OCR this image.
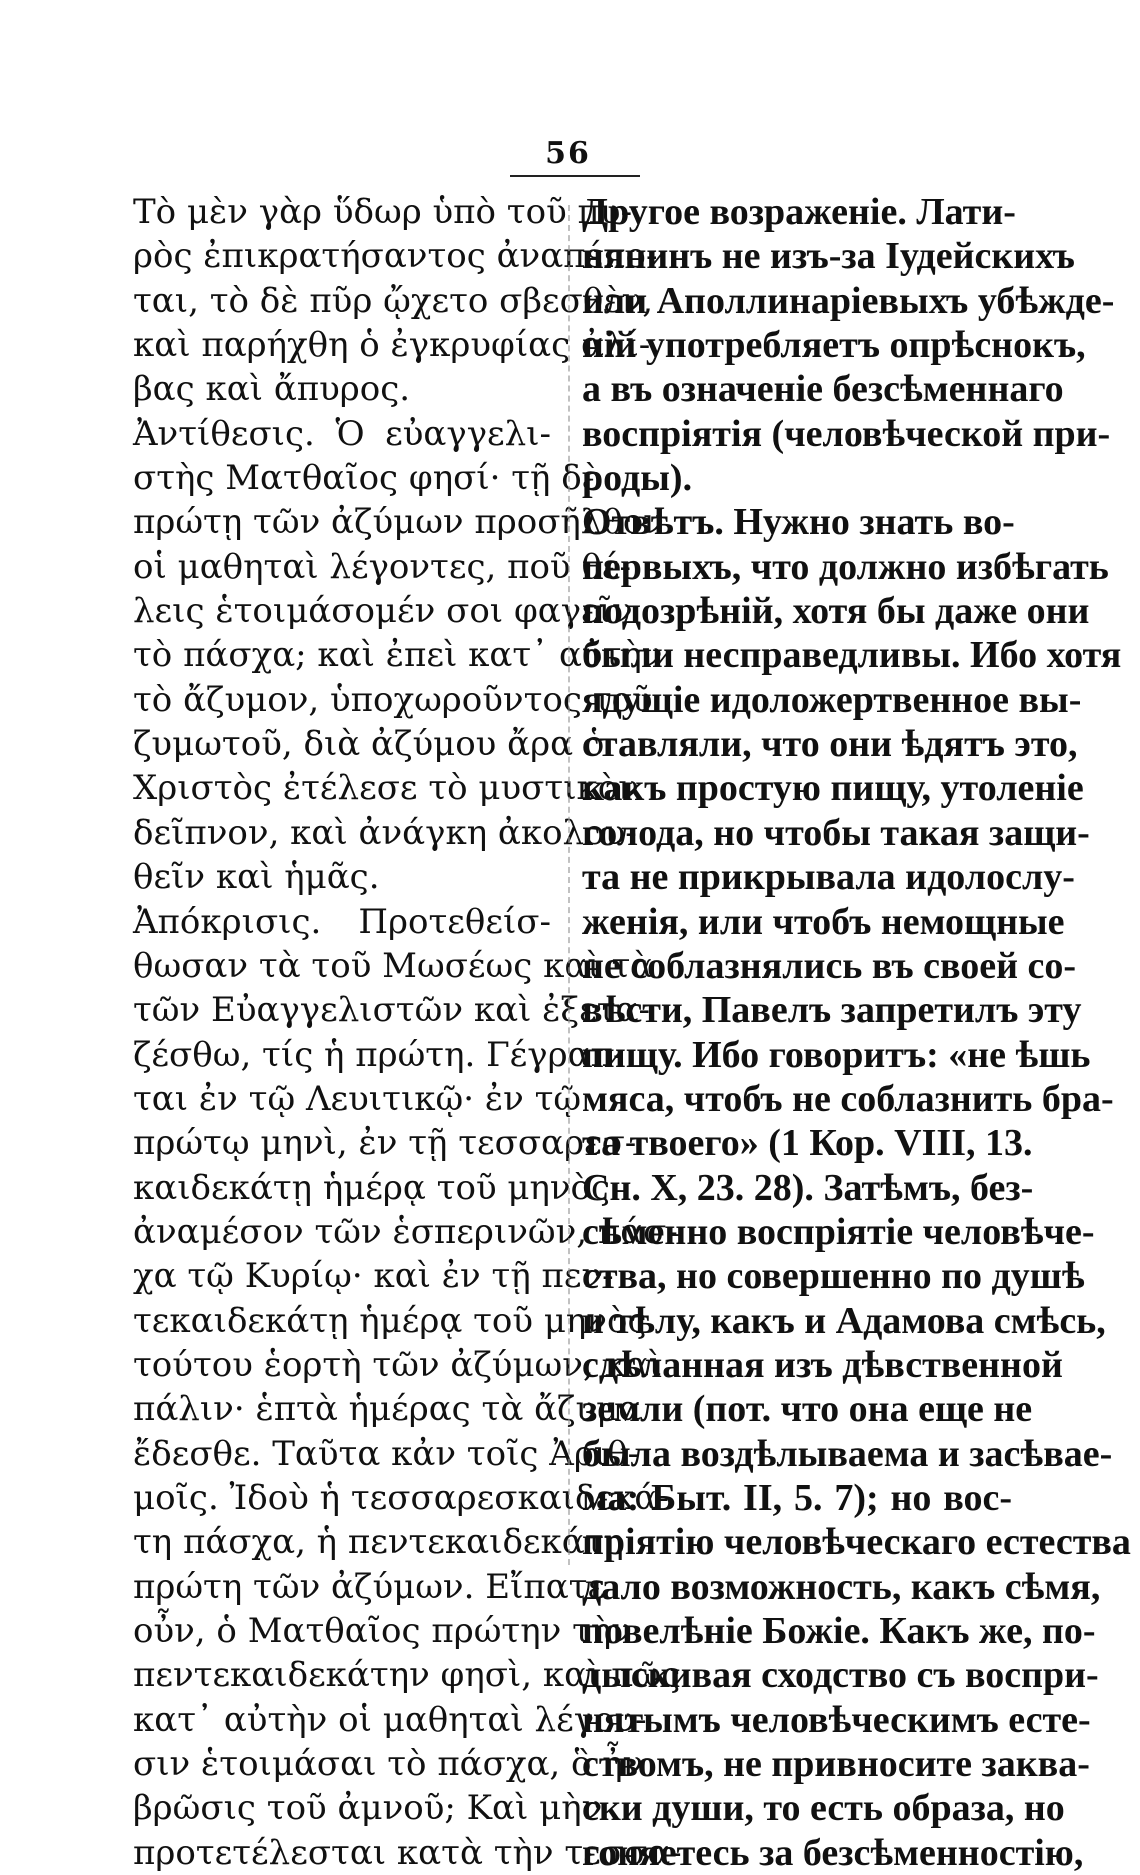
56
Τὸ μὲν γὰρ ὕδωρ ὑπὸ τοῦ πυ-
ρὸς ἐπικρατήσαντος ἀναπέπο-
ται, τὸ δὲ πῦρ ᾤχετο σβεσθὲν,
καὶ παρήχθη ὁ ἐγκρυφίας ἀλί-
βας καὶ ἄπυρος.
Ἀντίθεσις. Ὁ εὐαγγελι-
στὴς Ματθαῖος φησί· τῇ δὲ
πρώτῃ τῶν ἀζύμων προσῆλθον
οἱ μαθηταὶ λέγοντες, ποῦ θέ-
λεις ἑτοιμάσομέν σοι φαγεῖν
τὸ πάσχα; καὶ ἐπεὶ κατ᾽ αὐτὴν
τὸ ἄζυμον, ὑποχωροῦντος τοῦ
ζυμωτοῦ, διὰ ἀζύμου ἄρα ὁ
Χριστὸς ἐτέλεσε τὸ μυστικὸν
δεῖπνον, καὶ ἀνάγκη ἀκολου-
θεῖν καὶ ἡμᾶς.
Ἀπόκρισις. Προτεθείσ-
θωσαν τὰ τοῦ Μωσέως καὶ τὰ
τῶν Εὐαγγελιστῶν καὶ ἐξετα-
ζέσθω, τίς ἡ πρώτη. Γέγραπ-
ται ἐν τῷ Λευιτικῷ· ἐν τῷ
πρώτῳ μηνὶ, ἐν τῇ τεσσαρεσ-
καιδεκάτῃ ἡμέρᾳ τοῦ μηνὸς
ἀναμέσον τῶν ἑσπερινῶν, πάσ-
χα τῷ Κυρίῳ· καὶ ἐν τῇ πεν-
τεκαιδεκάτῃ ἡμέρᾳ τοῦ μηνὸς
τούτου ἑορτὴ τῶν ἀζύμων, καὶ
πάλιν· ἑπτὰ ἡμέρας τὰ ἄζυμα
ἔδεσθε. Ταῦτα κἀν τοῖς Ἀριθ-
μοῖς. Ἰδοὺ ἡ τεσσαρεσκαιδεκά-
τη πάσχα, ἡ πεντεκαιδεκάτη
πρώτη τῶν ἀζύμων. Εἴπατε
οὖν, ὁ Ματθαῖος πρώτην τὴν
πεντεκαιδεκάτην φησὶ, καὶ πῶς
κατ᾽ αὐτὴν οἱ μαθηταὶ λέγου-
σιν ἑτοιμάσαι τὸ πάσχα, ὃ ἦν
βρῶσις τοῦ ἀμνοῦ; Καὶ μὴν
προτετέλεσται κατὰ τὴν τεσσα-
Другое возраженіе. Лати-
нянинъ не изъ-за Іудейскихъ
или Аполлинаріевыхъ убѣжде-
ній употребляетъ опрѣснокъ,
а въ означеніе безсѣменнаго
воспріятія (человѣческой при-
роды).
Отвѣтъ. Нужно знать во-
первыхъ, что должно избѣгать
подозрѣній, хотя бы даже они
были несправедливы. Ибо хотя
ядущіе идоложертвенное вы-
ставляли, что они ѣдятъ это,
какъ простую пищу, утоленіе
голода, но чтобы такая защи-
та не прикрывала идолослу-
женія, или чтобъ немощные
не соблазнялись въ своей со-
вѣсти, Павелъ запретилъ эту
пищу. Ибо говоритъ: «не ѣшь
мяса, чтобъ не соблазнить бра-
та твоего» (1 Кор. VIII, 13.
Сн. X, 23. 28). Затѣмъ, без-
сѣменно воспріятіе человѣче-
ства, но совершенно по душѣ
и тѣлу, какъ и Адамова смѣсь,
сдѣланная изъ дѣвственной
земли (пот. что она еще не
была воздѣлываема и засѣвае-
ма: Быт. II, 5. 7); но вос-
пріятію человѣческаго естества
дало возможность, какъ сѣмя,
повелѣніе Божіе. Какъ же, по-
дыскивая сходство съ воспри-
нятымъ человѣческимъ есте-
ствомъ, не привносите заква-
ски души, то есть образа, но
гоняетесь за безсѣменностію,
